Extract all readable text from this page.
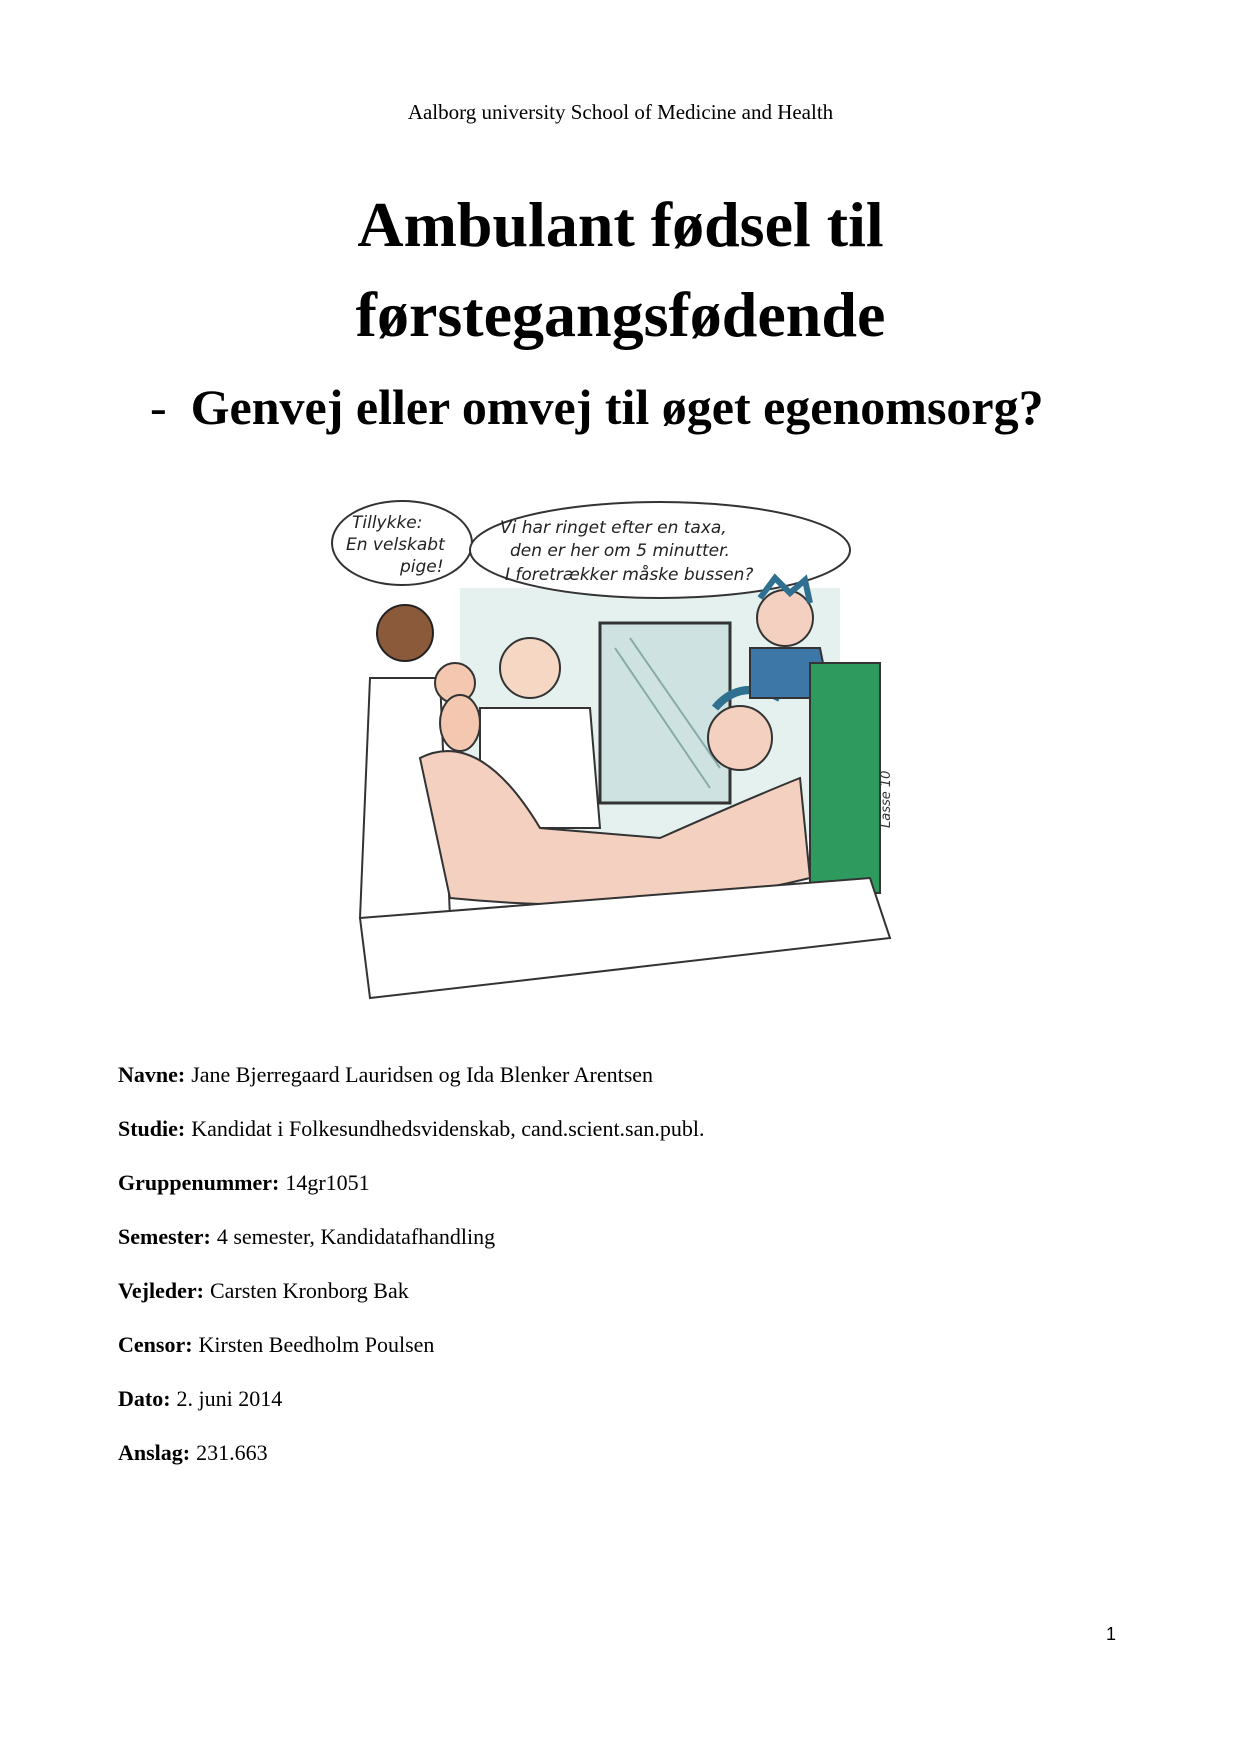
Aalborg university School of Medicine and Health
Ambulant fødsel til
førstegangsfødende
- Genvej eller omvej til øget egenomsorg?
Tillykke:
En velskabt
pige!
Vi har ringet efter en taxa,
den er her om 5 minutter.
I foretrækker måske bussen?
Lasse 10
Navne: Jane Bjerregaard Lauridsen og Ida Blenker Arentsen
Studie: Kandidat i Folkesundhedsvidenskab, cand.scient.san.publ.
Gruppenummer: 14gr1051
Semester: 4 semester, Kandidatafhandling
Vejleder: Carsten Kronborg Bak
Censor: Kirsten Beedholm Poulsen
Dato: 2. juni 2014
Anslag: 231.663
1
